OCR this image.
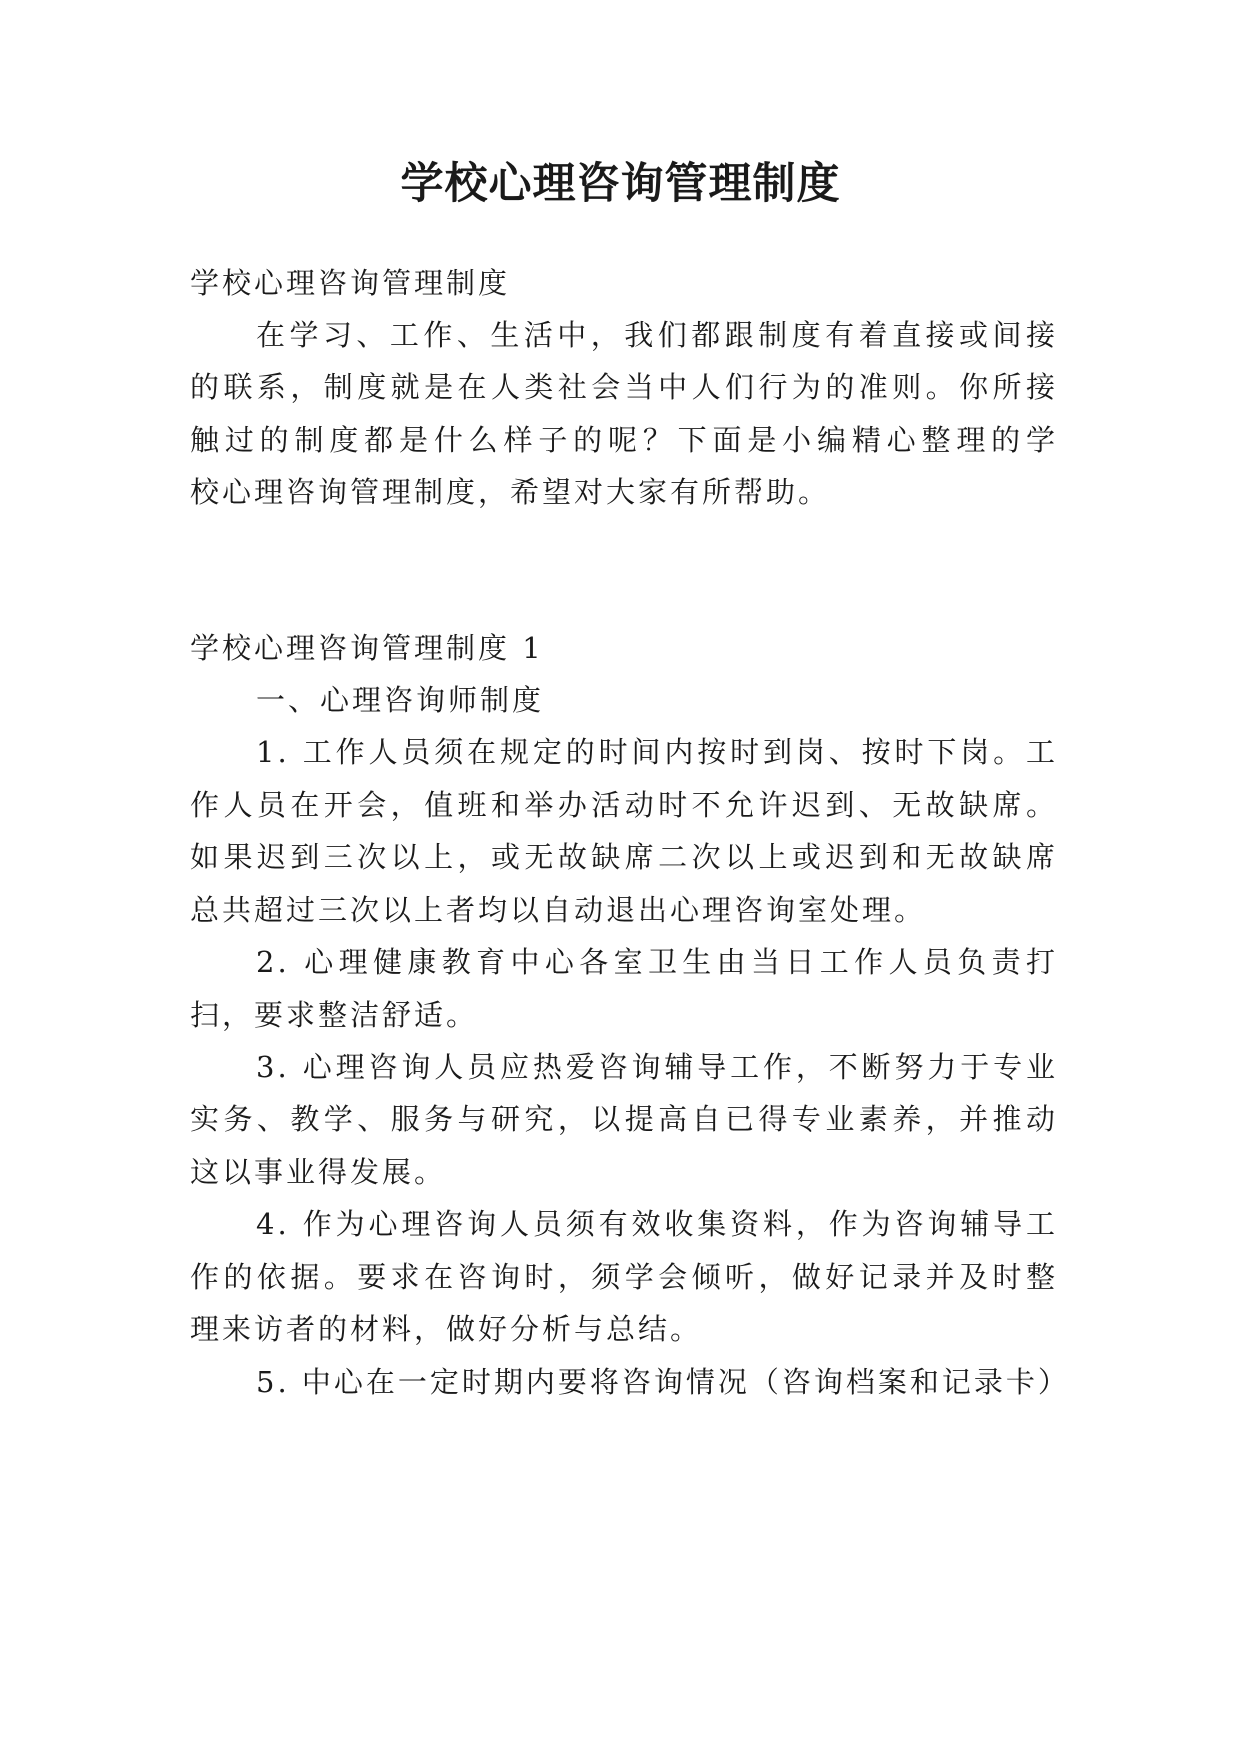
学校心理咨询管理制度

学校心理咨询管理制度

在学习、工作、生活中，我们都跟制度有着直接或间接

的联系，制度就是在人类社会当中人们行为的准则。你所接

触过的制度都是什么样子的呢？下面是小编精心整理的学

校心理咨询管理制度，希望对大家有所帮助。

学校心理咨询管理制度 1

一、心理咨询师制度

1. 工作人员须在规定的时间内按时到岗、按时下岗。工

作人员在开会，值班和举办活动时不允许迟到、无故缺席。

如果迟到三次以上，或无故缺席二次以上或迟到和无故缺席

总共超过三次以上者均以自动退出心理咨询室处理。

2. 心理健康教育中心各室卫生由当日工作人员负责打

扫，要求整洁舒适。

3. 心理咨询人员应热爱咨询辅导工作，不断努力于专业

实务、教学、服务与研究，以提高自已得专业素养，并推动

这以事业得发展。

4. 作为心理咨询人员须有效收集资料，作为咨询辅导工

作的依据。要求在咨询时，须学会倾听，做好记录并及时整

理来访者的材料，做好分析与总结。

5. 中心在一定时期内要将咨询情况（咨询档案和记录卡）
